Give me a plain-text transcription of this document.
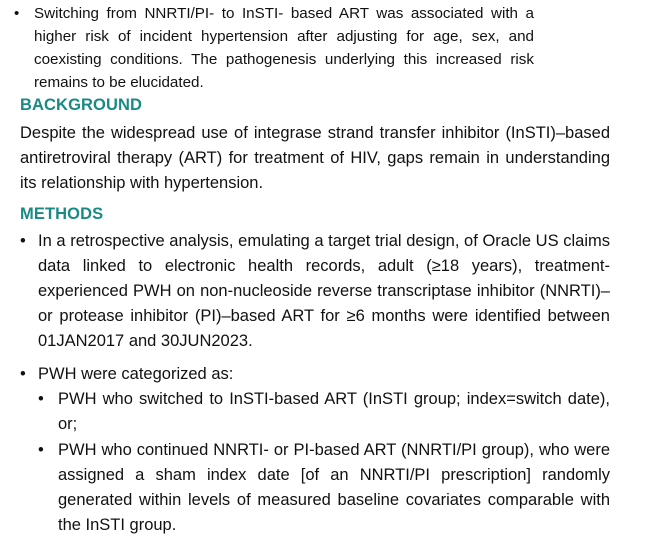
• Switching from NNRTI/PI- to InSTI- based ART was associated with a higher risk of incident hypertension after adjusting for age, sex, and coexisting conditions. The pathogenesis underlying this increased risk remains to be elucidated.
BACKGROUND
Despite the widespread use of integrase strand transfer inhibitor (InSTI)–based antiretroviral therapy (ART) for treatment of HIV, gaps remain in understanding its relationship with hypertension.
METHODS
• In a retrospective analysis, emulating a target trial design, of Oracle US claims data linked to electronic health records, adult (≥18 years), treatment-experienced PWH on non-nucleoside reverse transcriptase inhibitor (NNRTI)– or protease inhibitor (PI)–based ART for ≥6 months were identified between 01JAN2017 and 30JUN2023.
• PWH were categorized as:
• PWH who switched to InSTI-based ART (InSTI group; index=switch date), or;
• PWH who continued NNRTI- or PI-based ART (NNRTI/PI group), who were assigned a sham index date [of an NNRTI/PI prescription] randomly generated within levels of measured baseline covariates comparable with the InSTI group.
